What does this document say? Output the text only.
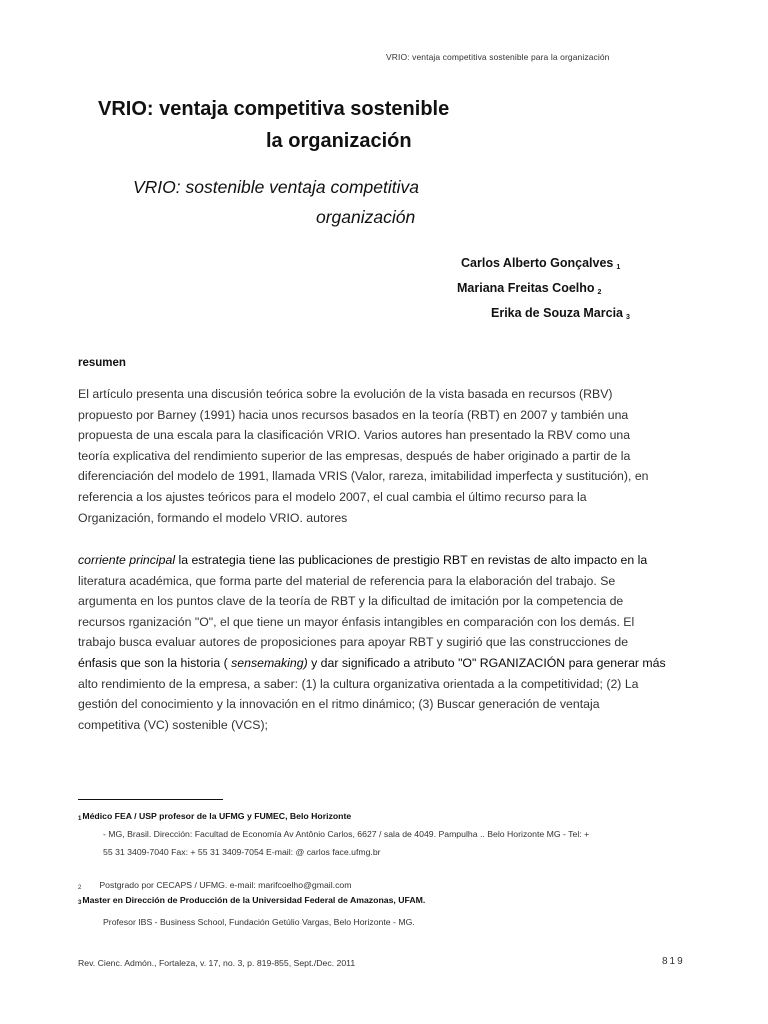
VRIO: ventaja competitiva sostenible para la organización
VRIO: ventaja competitiva sostenible
la organización
VRIO: sostenible ventaja competitiva
organización
Carlos Alberto Gonçalves $_1$
Mariana Freitas Coelho $_2$
Erika de Souza Marcia $_3$
resumen
El artículo presenta una discusión teórica sobre la evolución de la vista basada en recursos (RBV)
propuesto por Barney (1991) hacia unos recursos basados en la teoría (RBT) en 2007 y también una
propuesta de una escala para la clasificación VRIO. Varios autores han presentado la RBV como una
teoría explicativa del rendimiento superior de las empresas, después de haber originado a partir de la
diferenciación del modelo de 1991, llamada VRIS (Valor, rareza, imitabilidad imperfecta y sustitución), en
referencia a los ajustes teóricos para el modelo 2007, el cual cambia el último recurso para la
Organización, formando el modelo VRIO. autores
corriente principal la estrategia tiene las publicaciones de prestigio RBT en revistas de alto impacto en la
literatura académica, que forma parte del material de referencia para la elaboración del trabajo. Se
argumenta en los puntos clave de la teoría de RBT y la dificultad de imitación por la competencia de
recursos rganización "O", el que tiene un mayor énfasis intangibles en comparación con los demás. El
trabajo busca evaluar autores de proposiciones para apoyar RBT y sugirió que las construcciones de
énfasis que son la historia ( sensemaking) y dar significado a atributo "O" RGANIZACIÓN para generar más
alto rendimiento de la empresa, a saber: (1) la cultura organizativa orientada a la competitividad; (2) La
gestión del conocimiento y la innovación en el ritmo dinámico; (3) Buscar generación de ventaja
competitiva (VC) sostenible (VCS);
1Médico FEA / USP profesor de la UFMG y FUMEC, Belo Horizonte
- MG, Brasil. Dirección: Facultad de Economía Av Antônio Carlos, 6627 / sala de 4049. Pampulha .. Belo Horizonte MG - Tel: +
55 31 3409-7040 Fax: + 55 31 3409-7054 E-mail: @ carlos face.ufmg.br
2 Postgrado por CECAPS / UFMG. e-mail: marifcoelho@gmail.com
3Master en Dirección de Producción de la Universidad Federal de Amazonas, UFAM.
Profesor IBS - Business School, Fundación Getúlio Vargas, Belo Horizonte - MG.
Rev. Cienc. Admón., Fortaleza, v. 17, no. 3, p. 819-855, Sept./Dec. 2011	819
